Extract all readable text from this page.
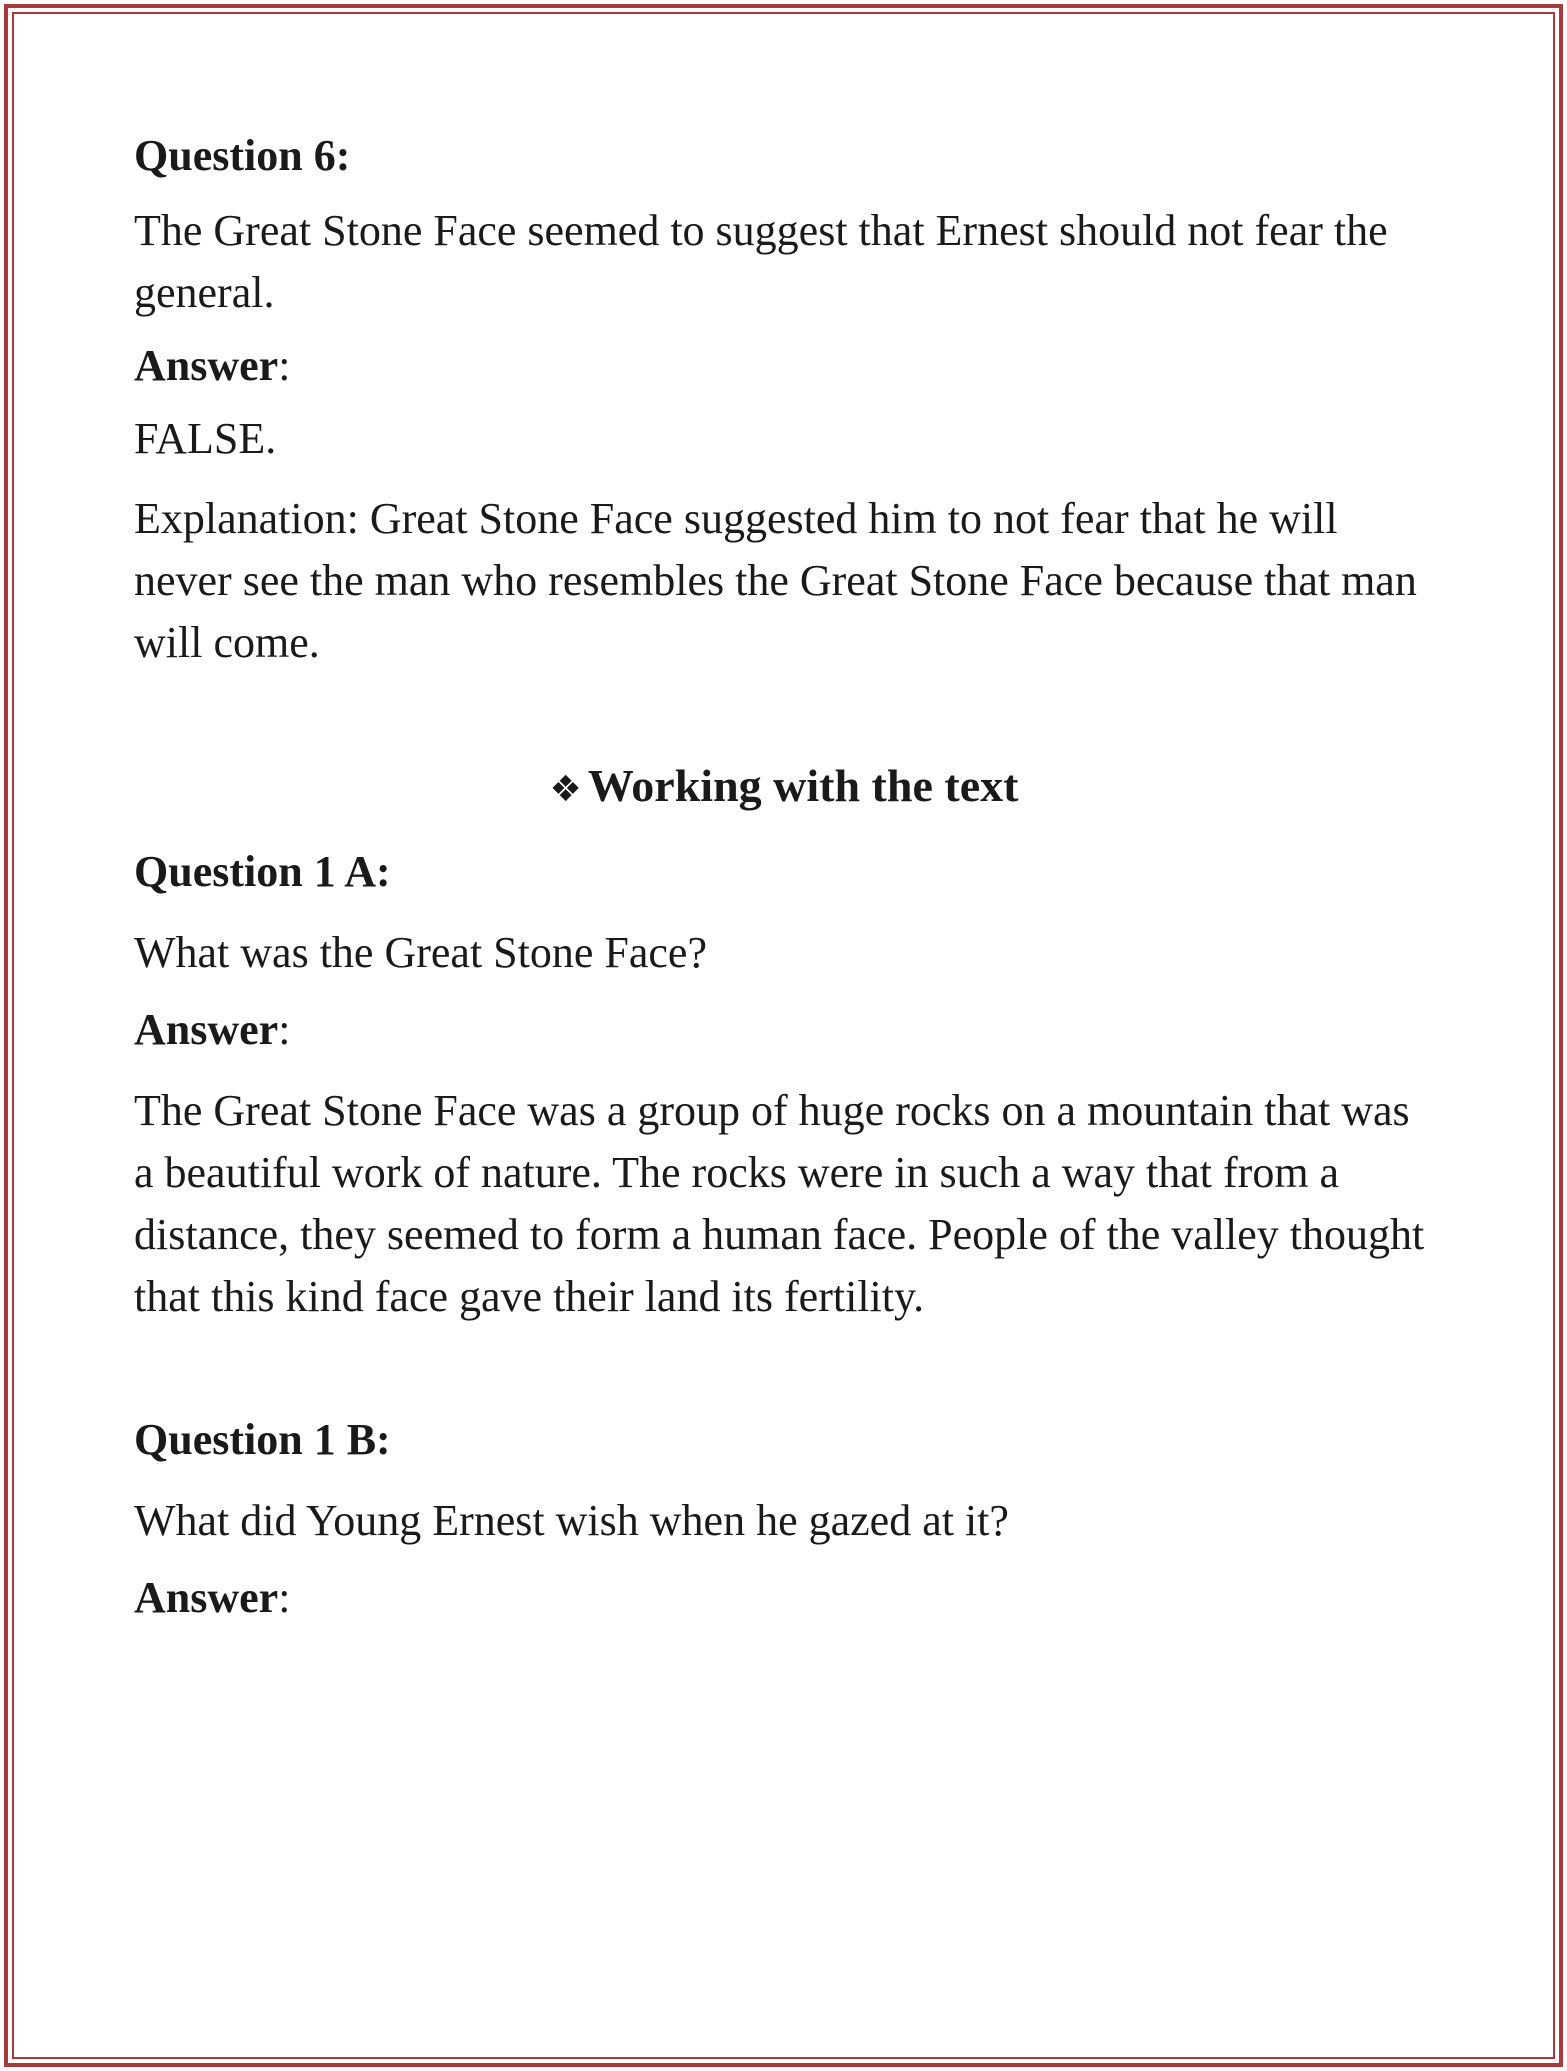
Question 6:

The Great Stone Face seemed to suggest that Ernest should not fear the general.

Answer:

FALSE.

Explanation: Great Stone Face suggested him to not fear that he will never see the man who resembles the Great Stone Face because that man will come.

❖ Working with the text

Question 1 A:

What was the Great Stone Face?

Answer:

The Great Stone Face was a group of huge rocks on a mountain that was a beautiful work of nature. The rocks were in such a way that from a distance, they seemed to form a human face. People of the valley thought that this kind face gave their land its fertility.

Question 1 B:

What did Young Ernest wish when he gazed at it?

Answer:
